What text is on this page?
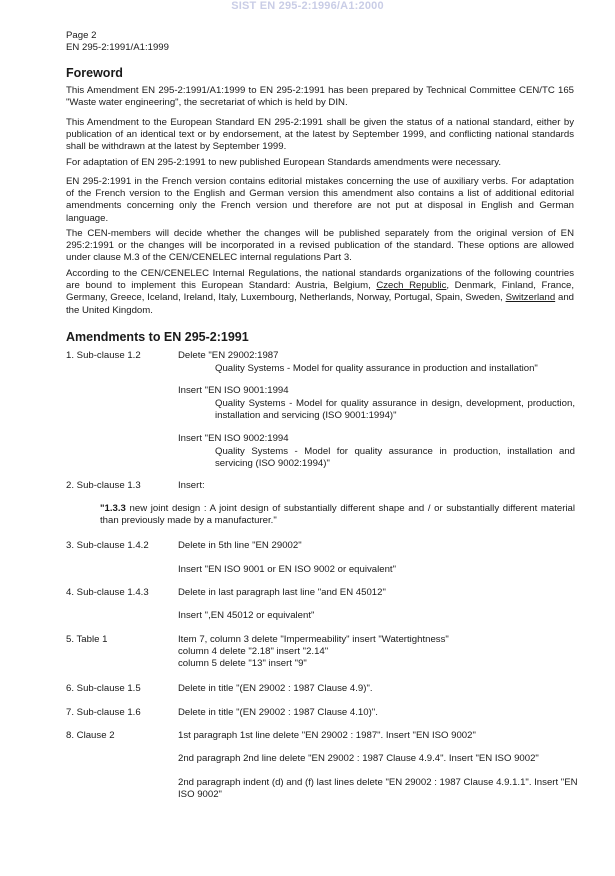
SIST EN 295-2:1996/A1:2000
Page 2
EN 295-2:1991/A1:1999
Foreword

This Amendment EN 295-2:1991/A1:1999 to EN 295-2:1991 has been prepared by Technical Committee CEN/TC 165 "Waste water engineering", the secretariat of which is held by DIN.

This Amendment to the European Standard EN 295-2:1991 shall be given the status of a national standard, either by publication of an identical text or by endorsement, at the latest by September 1999, and conflicting national standards shall be withdrawn at the latest by September 1999.

For adaptation of EN 295-2:1991 to new published European Standards amendments were necessary.

EN 295-2:1991 in the French version contains editorial mistakes concerning the use of auxiliary verbs. For adaptation of the French version to the English and German version this amendment also contains a list of additional editorial amendments concerning only the French version und therefore are not put at disposal in English and German language.

The CEN-members will decide whether the changes will be published separately from the original version of EN 295:2:1991 or the changes will be incorporated in a revised publication of the standard. These options are allowed under clause M.3 of the CEN/CENELEC internal regulations Part 3.

According to the CEN/CENELEC Internal Regulations, the national standards organizations of the following countries are bound to implement this European Standard: Austria, Belgium, Czech Republic, Denmark, Finland, France, Germany, Greece, Iceland, Ireland, Italy, Luxembourg, Netherlands, Norway, Portugal, Spain, Sweden, Switzerland and the United Kingdom.

Amendments to EN 295-2:1991
1. Sub-clause 1.2	Delete "EN 29002:1987
Quality Systems - Model for quality assurance in production and installation"
Insert "EN ISO 9001:1994
Quality Systems - Model for quality assurance in design, development, production, installation and servicing (ISO 9001:1994)"
Insert "EN ISO 9002:1994
Quality Systems - Model for quality assurance in production, installation and servicing (ISO 9002:1994)"
2. Sub-clause 1.3	Insert:
"1.3.3 new joint design : A joint design of substantially different shape and / or substantially different material than previously made by a manufacturer."
3. Sub-clause 1.4.2	Delete in 5th line "EN 29002"
Insert "EN ISO 9001 or EN ISO 9002 or equivalent"
4. Sub-clause 1.4.3	Delete in last paragraph last line "and EN 45012"
Insert ",EN 45012 or equivalent"
5. Table 1	Item 7, column 3 delete "Impermeability" insert "Watertightness"
column 4 delete "2.18" insert "2.14"
column 5 delete "13" insert "9"
6. Sub-clause 1.5	Delete in title "(EN 29002 : 1987 Clause 4.9)".
7. Sub-clause 1.6	Delete in title "(EN 29002 : 1987 Clause 4.10)".
8. Clause 2	1st paragraph 1st line delete "EN 29002 : 1987". Insert "EN ISO 9002"
2nd paragraph 2nd line delete "EN 29002 : 1987 Clause 4.9.4". Insert "EN ISO 9002"
2nd paragraph indent (d) and (f) last lines delete "EN 29002 : 1987 Clause 4.9.1.1". Insert "EN ISO 9002"
